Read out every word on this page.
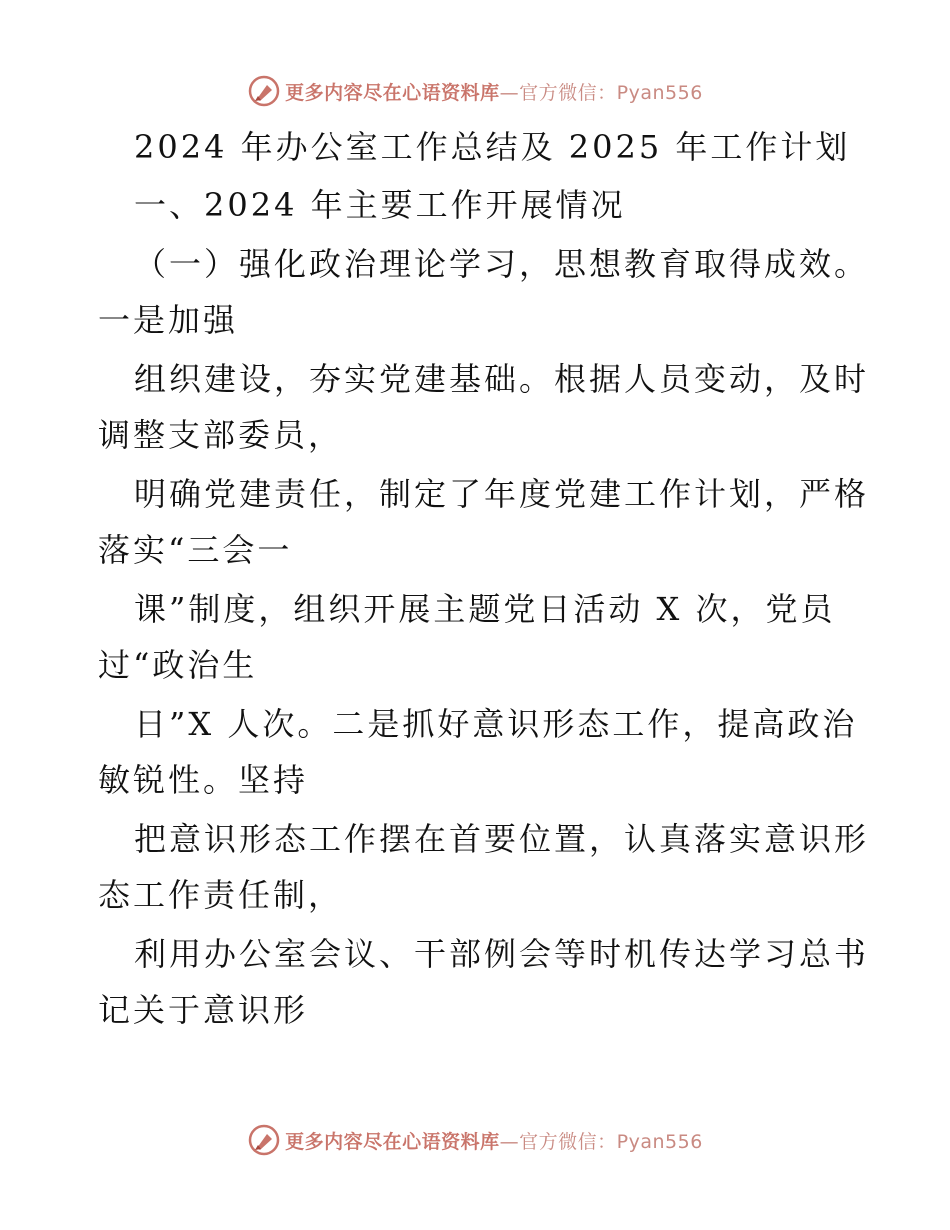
更多内容尽在心语资料库—官方微信：Pyan556
2024 年办公室工作总结及 2025 年工作计划
一、2024 年主要工作开展情况
（一）强化政治理论学习，思想教育取得成效。
一是加强
组织建设，夯实党建基础。根据人员变动，及时
调整支部委员，
明确党建责任，制定了年度党建工作计划，严格
落实“三会一
课”制度，组织开展主题党日活动 X 次，党员
过“政治生
日”X 人次。二是抓好意识形态工作，提高政治
敏锐性。坚持
把意识形态工作摆在首要位置，认真落实意识形
态工作责任制，
利用办公室会议、干部例会等时机传达学习总书
记关于意识形
更多内容尽在心语资料库—官方微信：Pyan556
